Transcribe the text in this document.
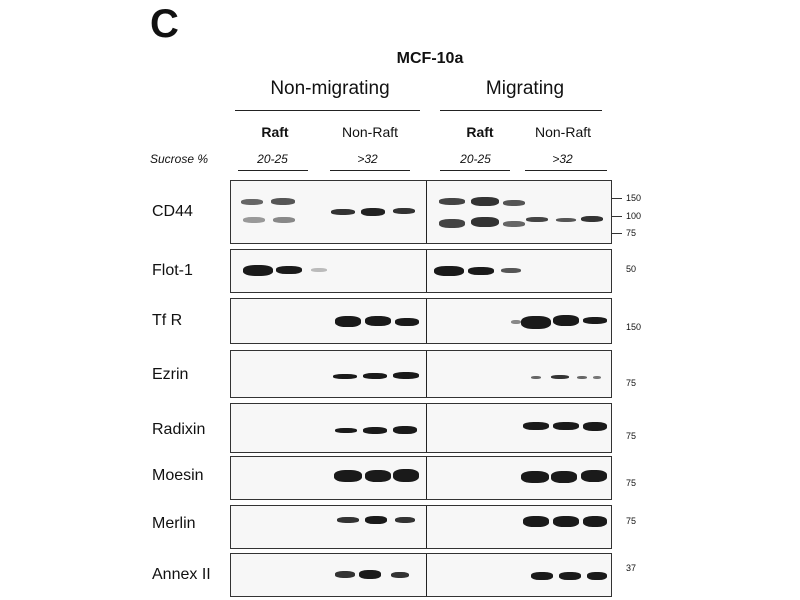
C
MCF-10a
Non-migrating	Migrating
Raft	Non-Raft	Raft	Non-Raft
Sucrose %	20-25	>32	20-25	>32
CD44
150
100
75
Flot-1	50
Tf R	150
Ezrin	75
Radixin	75
Moesin	75
Merlin	75
Annex II	37
